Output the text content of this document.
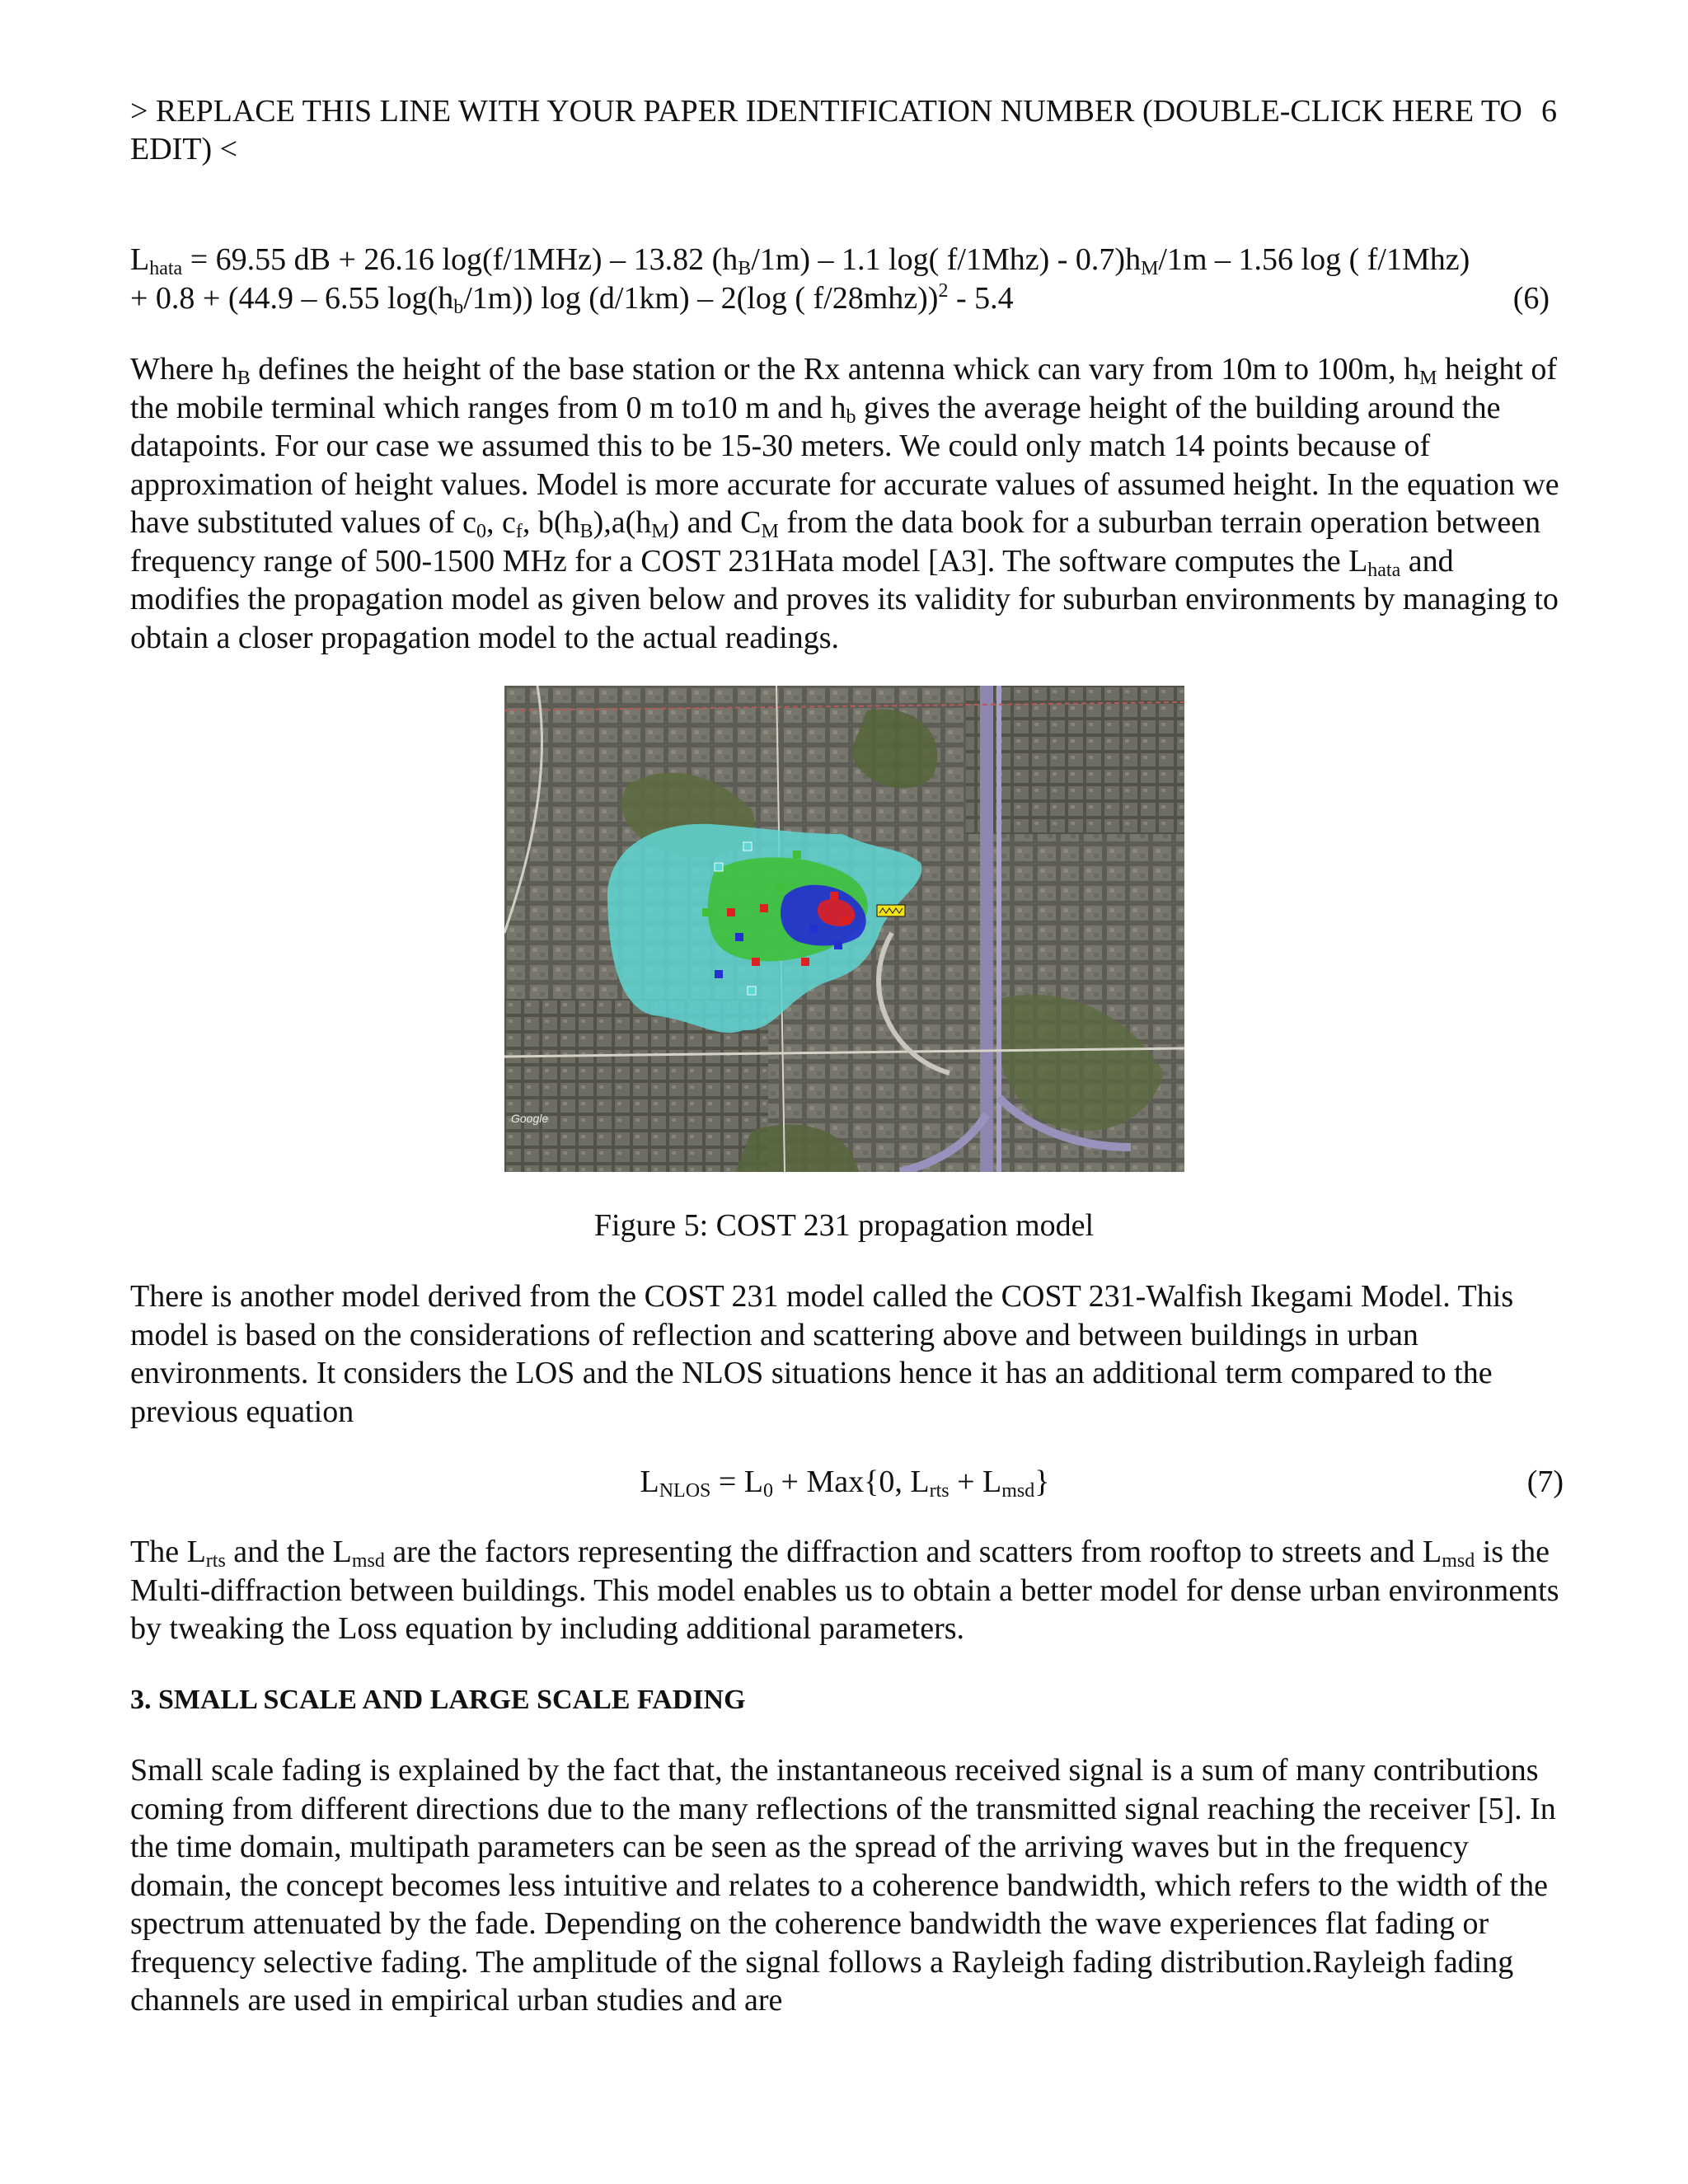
> REPLACE THIS LINE WITH YOUR PAPER IDENTIFICATION NUMBER (DOUBLE-CLICK HERE TO EDIT) <
6
$L_{hata} = 69.55$ dB + 26.16 log(f/1MHz) – 13.82 $(h_B/1m) - 1.1$ log( $f/1Mhz) - 0.7)h_M/1m - 1.56$ log ( f/1Mhz)
+ 0.8 + (44.9 – 6.55 $\log(h_b/1m)$) log (d/1km) – 2(log ( f/28mhz))$^2$ - 5.4	(6)
Where $h_B$ defines the height of the base station or the Rx antenna whick can vary from 10m to 100m, $h_M$ height of the mobile terminal which ranges from 0 m to10 m and $h_b$ gives the average height of the building around the datapoints. For our case we assumed this to be 15-30 meters. We could only match 14 points because of approximation of height values. Model is more accurate for accurate values of assumed height. In the equation we have substituted values of $c_0$, $c_f$, $b(h_B),a(h_M)$ and $C_M$ from the data book for a suburban terrain operation between frequency range of 500-1500 MHz for a COST 231Hata model [A3]. The software computes the $L_{hata}$ and modifies the propagation model as given below and proves its validity for suburban environments by managing to obtain a closer propagation model to the actual readings.
Google
Figure 5: COST 231 propagation model
There is another model derived from the COST 231 model called the COST 231-Walfish Ikegami Model. This model is based on the considerations of reflection and scattering above and between buildings in urban environments. It considers the LOS and the NLOS situations hence it has an additional term compared to the previous equation
$L_{NLOS} = L_0 + Max\{0$, $L_{rts} + L_{msd}$}	(7)
The $L_{rts}$ and the $L_{msd}$ are the factors representing the diffraction and scatters from rooftop to streets and $L_{msd}$ is the Multi-diffraction between buildings. This model enables us to obtain a better model for dense urban environments by tweaking the Loss equation by including additional parameters.
3. SMALL SCALE AND LARGE SCALE FADING
Small scale fading is explained by the fact that, the instantaneous received signal is a sum of many contributions coming from different directions due to the many reflections of the transmitted signal reaching the receiver [5]. In the time domain, multipath parameters can be seen as the spread of the arriving waves but in the frequency domain, the concept becomes less intuitive and relates to a coherence bandwidth, which refers to the width of the spectrum attenuated by the fade. Depending on the coherence bandwidth the wave experiences flat fading or frequency selective fading. The amplitude of the signal follows a Rayleigh fading distribution.Rayleigh fading channels are used in empirical urban studies and are
